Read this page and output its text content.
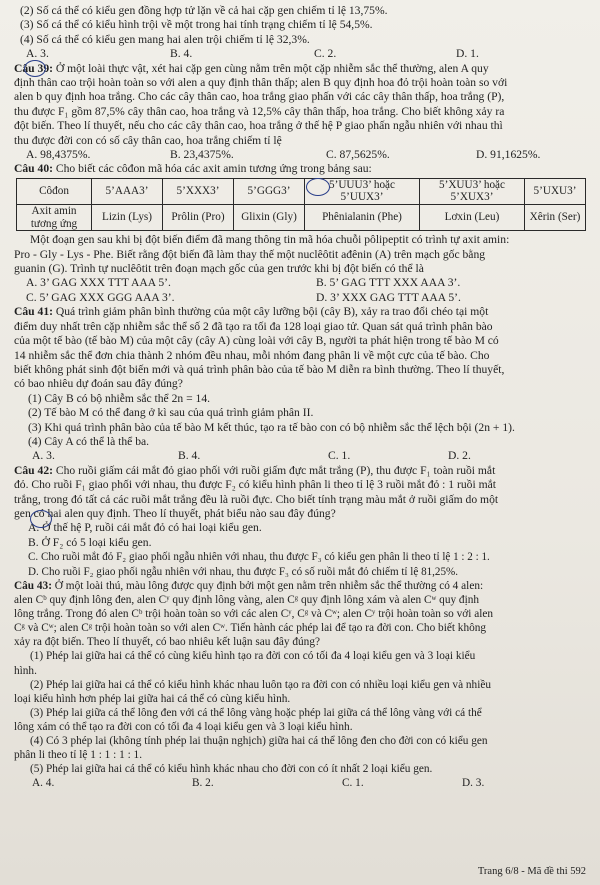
(2) Số cá thể có kiểu gen đồng hợp tử lặn về cả hai cặp gen chiếm tỉ lệ 13,75%.

(3) Số cá thể có kiểu hình trội về một trong hai tính trạng chiếm tỉ lệ 54,5%.

(4) Số cá thể có kiểu gen mang hai alen trội chiếm tỉ lệ 32,3%.

A. 3.	B. 4.	C. 2.	D. 1.

Câu 39: Ở một loài thực vật, xét hai cặp gen cùng nằm trên một cặp nhiễm sắc thể thường, alen A quy

định thân cao trội hoàn toàn so với alen a quy định thân thấp; alen B quy định hoa đỏ trội hoàn toàn so với

alen b quy định hoa trắng. Cho các cây thân cao, hoa trắng giao phấn với các cây thân thấp, hoa trắng (P),

thu được F₁ gồm 87,5% cây thân cao, hoa trắng và 12,5% cây thân thấp, hoa trắng. Cho biết không xảy ra

đột biến. Theo lí thuyết, nếu cho các cây thân cao, hoa trắng ở thế hệ P giao phấn ngẫu nhiên với nhau thì

thu được đời con có số cây thân cao, hoa trắng chiếm tỉ lệ

A. 98,4375%.	B. 23,4375%.	C. 87,5625%.	D. 91,1625%.

Câu 40: Cho biết các côđon mã hóa các axit amin tương ứng trong bảng sau:

Côđon	5’AAA3’	5’XXX3’	5’GGG3’	5’UUU3’ hoặc 5’UUX3’	5’XUU3’ hoặc 5’XUX3’	5’UXU3’
Axit amin tương ứng	Lizin (Lys)	Prôlin (Pro)	Glixin (Gly)	Phênialanin (Phe)	Lơxin (Leu)	Xêrin (Ser)

Một đoạn gen sau khi bị đột biến điểm đã mang thông tin mã hóa chuỗi pôlipeptit có trình tự axit amin:

Pro - Gly - Lys - Phe. Biết rằng đột biến đã làm thay thế một nuclêôtit ađênin (A) trên mạch gốc bằng

guanin (G). Trình tự nuclêôtit trên đoạn mạch gốc của gen trước khi bị đột biến có thể là

A. 3’ GAG XXX TTT AAA 5’.	B. 5’ GAG TTT XXX AAA 3’.
C. 5’ GAG XXX GGG AAA 3’.	D. 3’ XXX GAG TTT AAA 5’.

Câu 41: Quá trình giảm phân bình thường của một cây lưỡng bội (cây B), xảy ra trao đổi chéo tại một

điểm duy nhất trên cặp nhiễm sắc thể số 2 đã tạo ra tối đa 128 loại giao tử. Quan sát quá trình phân bào

của một tế bào (tế bào M) của một cây (cây A) cùng loài với cây B, người ta phát hiện trong tế bào M có

14 nhiễm sắc thể đơn chia thành 2 nhóm đều nhau, mỗi nhóm đang phân li về một cực của tế bào. Cho

biết không phát sinh đột biến mới và quá trình phân bào của tế bào M diễn ra bình thường. Theo lí thuyết,

có bao nhiêu dự đoán sau đây đúng?

(1) Cây B có bộ nhiễm sắc thể 2n = 14.

(2) Tế bào M có thể đang ở kì sau của quá trình giảm phân II.

(3) Khi quá trình phân bào của tế bào M kết thúc, tạo ra tế bào con có bộ nhiễm sắc thể lệch bội (2n + 1).

(4) Cây A có thể là thể ba.

A. 3.	B. 4.	C. 1.	D. 2.

Câu 42: Cho ruồi giấm cái mắt đỏ giao phối với ruồi giấm đực mắt trắng (P), thu được F₁ toàn ruồi mắt

đỏ. Cho ruồi F₁ giao phối với nhau, thu được F₂ có kiểu hình phân li theo tỉ lệ 3 ruồi mắt đỏ : 1 ruồi mắt

trắng, trong đó tất cả các ruồi mắt trắng đều là ruồi đực. Cho biết tính trạng màu mắt ở ruồi giấm do một

gen có hai alen quy định. Theo lí thuyết, phát biểu nào sau đây đúng?

A. Ở thế hệ P, ruồi cái mắt đỏ có hai loại kiểu gen.

B. Ở F₂ có 5 loại kiểu gen.

C. Cho ruồi mắt đỏ F₂ giao phối ngẫu nhiên với nhau, thu được F₃ có kiểu gen phân li theo tỉ lệ 1 : 2 : 1.

D. Cho ruồi F₂ giao phối ngẫu nhiên với nhau, thu được F₃ có số ruồi mắt đỏ chiếm tỉ lệ 81,25%.

Câu 43: Ở một loài thú, màu lông được quy định bởi một gen nằm trên nhiễm sắc thể thường có 4 alen:

alen Cᵇ quy định lông đen, alen Cʸ quy định lông vàng, alen Cᵍ quy định lông xám và alen Cʷ quy định

lông trắng. Trong đó alen Cᵇ trội hoàn toàn so với các alen Cʸ, Cᵍ và Cʷ; alen Cʸ trội hoàn toàn so với alen

Cᵍ và Cʷ; alen Cᵍ trội hoàn toàn so với alen Cʷ. Tiến hành các phép lai để tạo ra đời con. Cho biết không

xảy ra đột biến. Theo lí thuyết, có bao nhiêu kết luận sau đây đúng?

(1) Phép lai giữa hai cá thể có cùng kiểu hình tạo ra đời con có tối đa 4 loại kiểu gen và 3 loại kiểu

hình.

(2) Phép lai giữa hai cá thể có kiểu hình khác nhau luôn tạo ra đời con có nhiều loại kiểu gen và nhiều

loại kiểu hình hơn phép lai giữa hai cá thể có cùng kiểu hình.

(3) Phép lai giữa cá thể lông đen với cá thể lông vàng hoặc phép lai giữa cá thể lông vàng với cá thể

lông xám có thể tạo ra đời con có tối đa 4 loại kiểu gen và 3 loại kiểu hình.

(4) Có 3 phép lai (không tính phép lai thuận nghịch) giữa hai cá thể lông đen cho đời con có kiểu gen

phân li theo tỉ lệ 1 : 1 : 1 : 1.

(5) Phép lai giữa hai cá thể có kiểu hình khác nhau cho đời con có ít nhất 2 loại kiểu gen.

A. 4.	B. 2.	C. 1.	D. 3.
Trang 6/8 - Mã đề thi 592
